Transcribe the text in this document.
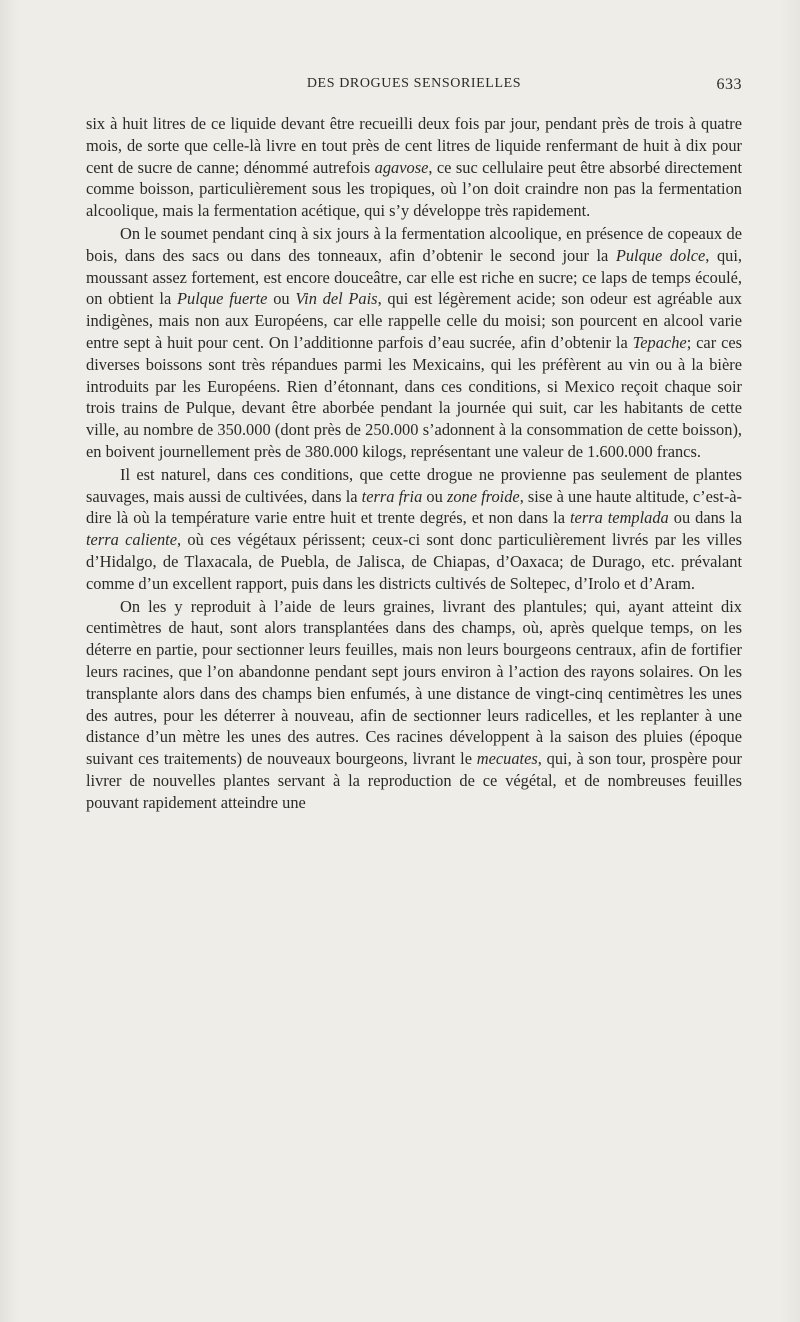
DES DROGUES SENSORIELLES	633

six à huit litres de ce liquide devant être recueilli deux fois par jour, pendant près de trois à quatre mois, de sorte que celle-là livre en tout près de cent litres de liquide renfermant de huit à dix pour cent de sucre de canne; dénommé autrefois agavose, ce suc cellulaire peut être absorbé directement comme boisson, particulièrement sous les tropiques, où l’on doit craindre non pas la fermentation alcoolique, mais la fermentation acétique, qui s’y développe très rapidement.

On le soumet pendant cinq à six jours à la fermentation alcoolique, en présence de copeaux de bois, dans des sacs ou dans des tonneaux, afin d’obtenir le second jour la Pulque dolce, qui, moussant assez fortement, est encore douceâtre, car elle est riche en sucre; ce laps de temps écoulé, on obtient la Pulque fuerte ou Vin del Pais, qui est légèrement acide; son odeur est agréable aux indigènes, mais non aux Européens, car elle rappelle celle du moisi; son pourcent en alcool varie entre sept à huit pour cent. On l’additionne parfois d’eau sucrée, afin d’obtenir la Tepache; car ces diverses boissons sont très répandues parmi les Mexicains, qui les préfèrent au vin ou à la bière introduits par les Européens. Rien d’étonnant, dans ces conditions, si Mexico reçoit chaque soir trois trains de Pulque, devant être aborbée pendant la journée qui suit, car les habitants de cette ville, au nombre de 350.000 (dont près de 250.000 s’adonnent à la consommation de cette boisson), en boivent journellement près de 380.000 kilogs, représentant une valeur de 1.600.000 francs.

Il est naturel, dans ces conditions, que cette drogue ne provienne pas seulement de plantes sauvages, mais aussi de cultivées, dans la terra fria ou zone froide, sise à une haute altitude, c’est-à-dire là où la température varie entre huit et trente degrés, et non dans la terra templada ou dans la terra caliente, où ces végétaux périssent; ceux-ci sont donc particulièrement livrés par les villes d’Hidalgo, de Tlaxacala, de Puebla, de Jalisca, de Chiapas, d’Oaxaca; de Durago, etc. prévalant comme d’un excellent rapport, puis dans les districts cultivés de Soltepec, d’Irolo et d’Aram.

On les y reproduit à l’aide de leurs graines, livrant des plantules; qui, ayant atteint dix centimètres de haut, sont alors transplantées dans des champs, où, après quelque temps, on les déterre en partie, pour sectionner leurs feuilles, mais non leurs bourgeons centraux, afin de fortifier leurs racines, que l’on abandonne pendant sept jours environ à l’action des rayons solaires. On les transplante alors dans des champs bien enfumés, à une distance de vingt-cinq centimètres les unes des autres, pour les déterrer à nouveau, afin de sectionner leurs radicelles, et les replanter à une distance d’un mètre les unes des autres. Ces racines développent à la saison des pluies (époque suivant ces traitements) de nouveaux bourgeons, livrant le mecuates, qui, à son tour, prospère pour livrer de nouvelles plantes servant à la reproduction de ce végétal, et de nombreuses feuilles pouvant rapidement atteindre une
